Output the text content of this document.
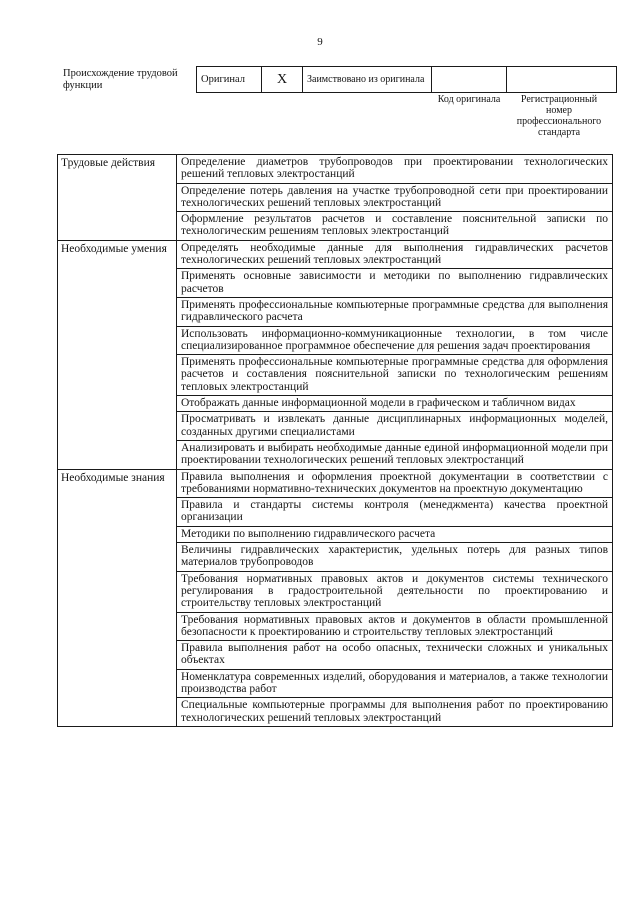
9
Происхождение трудовой функции
Оригинал	X	Заимствовано из оригинала		
Код оригинала	Регистрационный номер профессионального стандарта
Трудовые действия	Определение диаметров трубопроводов при проектировании технологических решений тепловых электростанций
	Определение потерь давления на участке трубопроводной сети при проектировании технологических решений тепловых электростанций
	Оформление результатов расчетов и составление пояснительной записки по технологическим решениям тепловых электростанций
Необходимые умения	Определять необходимые данные для выполнения гидравлических расчетов технологических решений тепловых электростанций
	Применять основные зависимости и методики по выполнению гидравлических расчетов
	Применять профессиональные компьютерные программные средства для выполнения гидравлического расчета
	Использовать информационно-коммуникационные технологии, в том числе специализированное программное обеспечение для решения задач проектирования
	Применять профессиональные компьютерные программные средства для оформления расчетов и составления пояснительной записки по технологическим решениям тепловых электростанций
	Отображать данные информационной модели в графическом и табличном видах
	Просматривать и извлекать данные дисциплинарных информационных моделей, созданных другими специалистами
	Анализировать и выбирать необходимые данные единой информационной модели при проектировании технологических решений тепловых электростанций
Необходимые знания	Правила выполнения и оформления проектной документации в соответствии с требованиями нормативно-технических документов на проектную документацию
	Правила и стандарты системы контроля (менеджмента) качества проектной организации
	Методики по выполнению гидравлического расчета
	Величины гидравлических характеристик, удельных потерь для разных типов материалов трубопроводов
	Требования нормативных правовых актов и документов системы технического регулирования в градостроительной деятельности по проектированию и строительству тепловых электростанций
	Требования нормативных правовых актов и документов в области промышленной безопасности к проектированию и строительству тепловых электростанций
	Правила выполнения работ на особо опасных, технически сложных и уникальных объектах
	Номенклатура современных изделий, оборудования и материалов, а также технологии производства работ
	Специальные компьютерные программы для выполнения работ по проектированию технологических решений тепловых электростанций
